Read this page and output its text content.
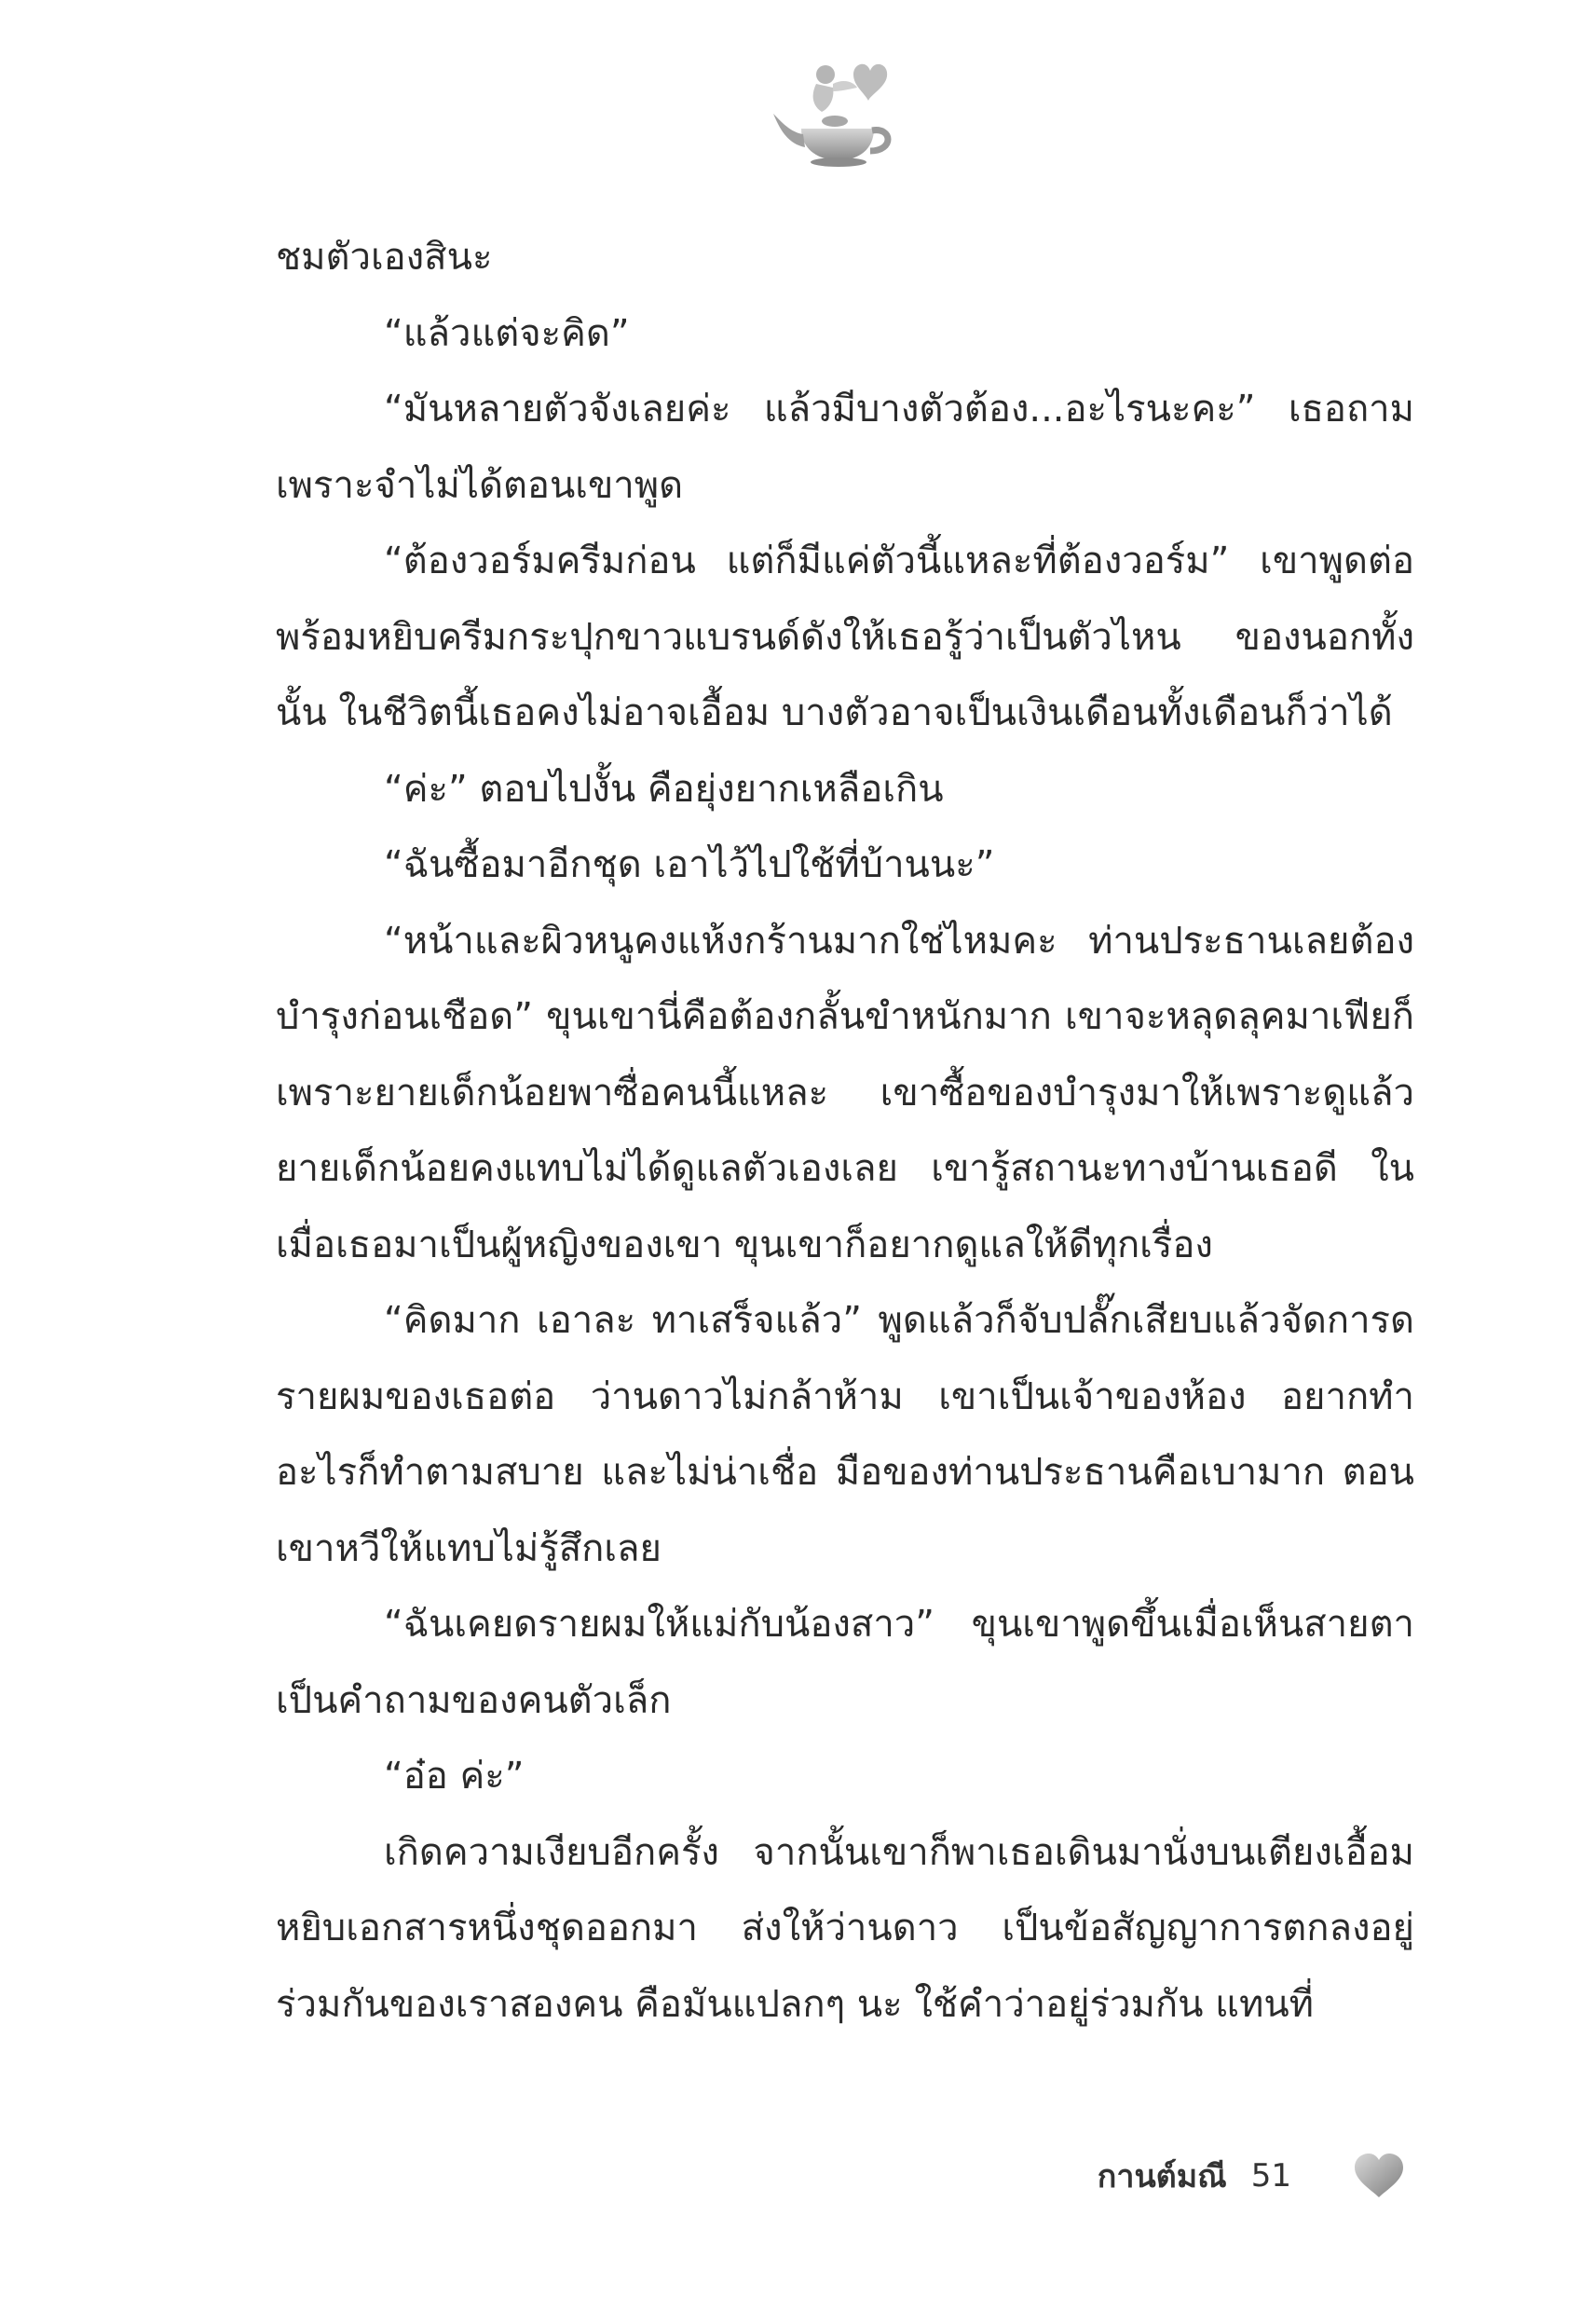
ชมตัวเองสินะ

“แล้วแต่จะคิด”

“มันหลายตัวจังเลยค่ะ แล้วมีบางตัวต้อง...อะไรนะคะ” เธอถาม เพราะจำไม่ได้ตอนเขาพูด

“ต้องวอร์มครีมก่อน แต่ก็มีแค่ตัวนี้แหละที่ต้องวอร์ม” เขาพูดต่อ พร้อมหยิบครีมกระปุกขาวแบรนด์ดังให้เธอรู้ว่าเป็นตัวไหน ของนอกทั้งนั้น ในชีวิตนี้เธอคงไม่อาจเอื้อม บางตัวอาจเป็นเงินเดือนทั้งเดือนก็ว่าได้

“ค่ะ” ตอบไปงั้น คือยุ่งยากเหลือเกิน

“ฉันซื้อมาอีกชุด เอาไว้ไปใช้ที่บ้านนะ”

“หน้าและผิวหนูคงแห้งกร้านมากใช่ไหมคะ ท่านประธานเลยต้องบำรุงก่อนเชือด” ขุนเขานี่คือต้องกลั้นขำหนักมาก เขาจะหลุดลุคมาเฟียก็เพราะยายเด็กน้อยพาซื่อคนนี้แหละ เขาซื้อของบำรุงมาให้เพราะดูแล้วยายเด็กน้อยคงแทบไม่ได้ดูแลตัวเองเลย เขารู้สถานะทางบ้านเธอดี ในเมื่อเธอมาเป็นผู้หญิงของเขา ขุนเขาก็อยากดูแลให้ดีทุกเรื่อง

“คิดมาก เอาละ ทาเสร็จแล้ว” พูดแล้วก็จับปลั๊กเสียบแล้วจัดการดรายผมของเธอต่อ ว่านดาวไม่กล้าห้าม เขาเป็นเจ้าของห้อง อยากทำอะไรก็ทำตามสบาย และไม่น่าเชื่อ มือของท่านประธานคือเบามาก ตอนเขาหวีให้แทบไม่รู้สึกเลย

“ฉันเคยดรายผมให้แม่กับน้องสาว” ขุนเขาพูดขึ้นเมื่อเห็นสายตาเป็นคำถามของคนตัวเล็ก

“อ๋อ ค่ะ”

เกิดความเงียบอีกครั้ง จากนั้นเขาก็พาเธอเดินมานั่งบนเตียงเอื้อมหยิบเอกสารหนึ่งชุดออกมา ส่งให้ว่านดาว เป็นข้อสัญญาการตกลงอยู่ร่วมกันของเราสองคน คือมันแปลกๆ นะ ใช้คำว่าอยู่ร่วมกัน แทนที่

กานต์มณี 51
